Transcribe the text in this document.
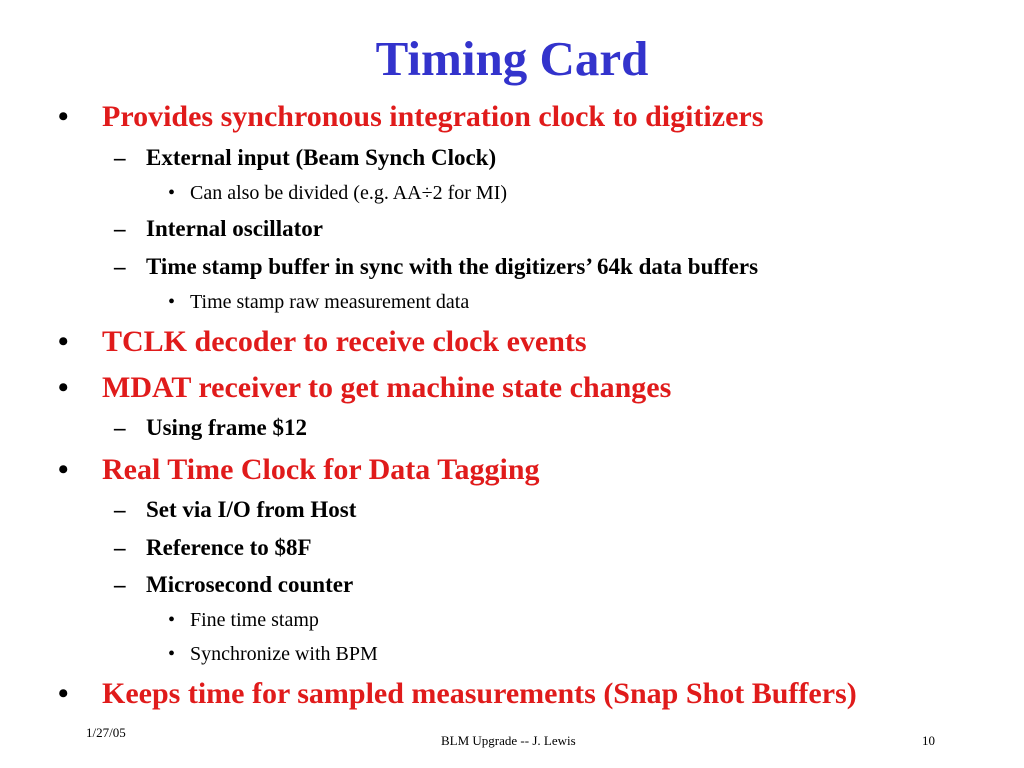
Timing Card
• Provides synchronous integration clock to digitizers
– External input (Beam Synch Clock)
• Can also be divided (e.g. AA÷2 for MI)
– Internal oscillator
– Time stamp buffer in sync with the digitizers’ 64k data buffers
• Time stamp raw measurement data
• TCLK decoder to receive clock events
• MDAT receiver to get machine state changes
– Using frame $12
• Real Time Clock for Data Tagging
– Set via I/O from Host
– Reference to $8F
– Microsecond counter
• Fine time stamp
• Synchronize with BPM
• Keeps time for sampled measurements (Snap Shot Buffers)
1/27/05
BLM Upgrade -- J. Lewis	10
